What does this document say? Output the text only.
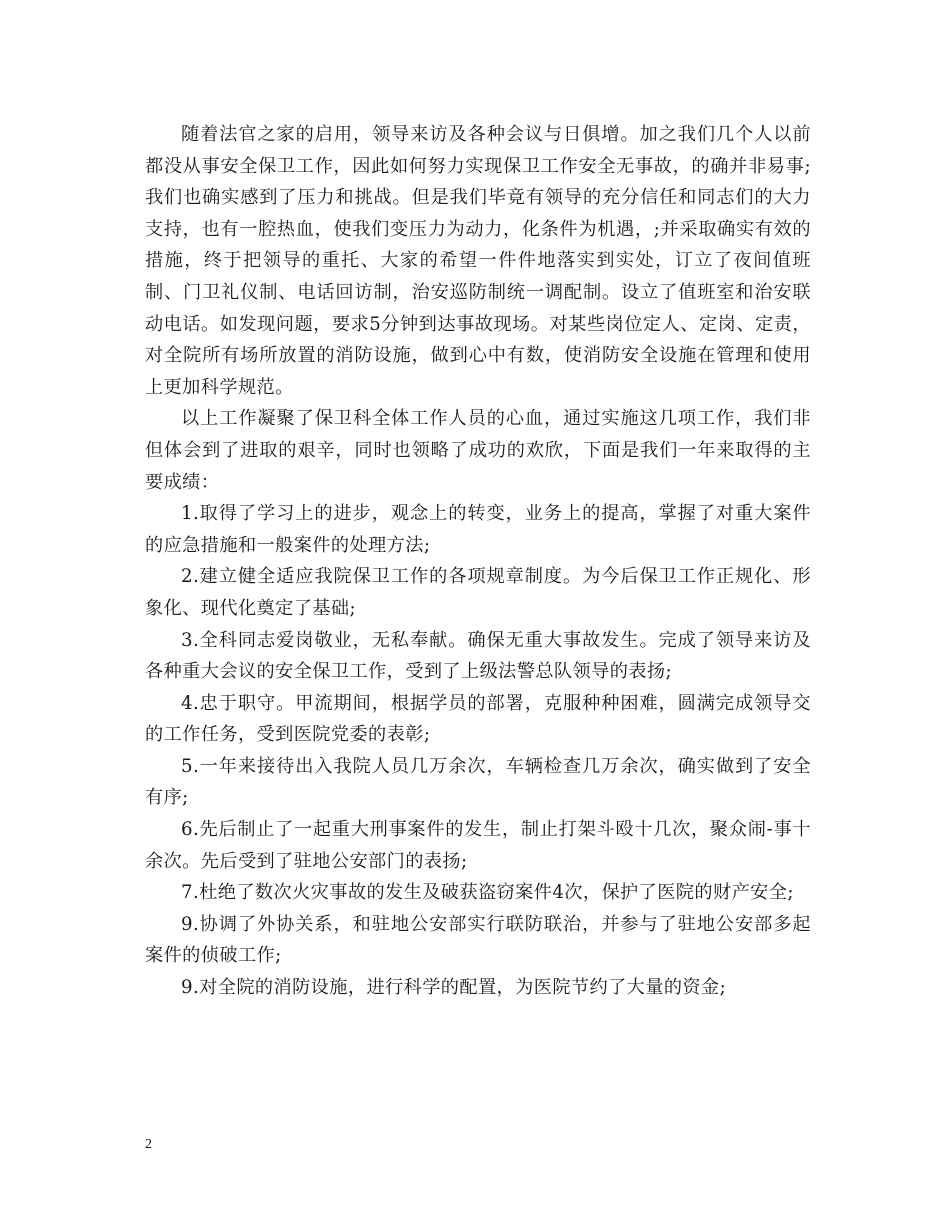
随着法官之家的启用，领导来访及各种会议与日俱增。加之我们几个人以前都没从事安全保卫工作，因此如何努力实现保卫工作安全无事故，的确并非易事;我们也确实感到了压力和挑战。但是我们毕竟有领导的充分信任和同志们的大力支持，也有一腔热血，使我们变压力为动力，化条件为机遇，;并采取确实有效的措施，终于把领导的重托、大家的希望一件件地落实到实处，订立了夜间值班制、门卫礼仪制、电话回访制，治安巡防制统一调配制。设立了值班室和治安联动电话。如发现问题，要求5分钟到达事故现场。对某些岗位定人、定岗、定责，对全院所有场所放置的消防设施，做到心中有数，使消防安全设施在管理和使用上更加科学规范。

以上工作凝聚了保卫科全体工作人员的心血，通过实施这几项工作，我们非但体会到了进取的艰辛，同时也领略了成功的欢欣，下面是我们一年来取得的主要成绩：

1.取得了学习上的进步，观念上的转变，业务上的提高，掌握了对重大案件的应急措施和一般案件的处理方法;

2.建立健全适应我院保卫工作的各项规章制度。为今后保卫工作正规化、形象化、现代化奠定了基础;

3.全科同志爱岗敬业，无私奉献。确保无重大事故发生。完成了领导来访及各种重大会议的安全保卫工作，受到了上级法警总队领导的表扬;

4.忠于职守。甲流期间，根据学员的部署，克服种种困难，圆满完成领导交的工作任务，受到医院党委的表彰;

5.一年来接待出入我院人员几万余次，车辆检查几万余次，确实做到了安全有序;

6.先后制止了一起重大刑事案件的发生，制止打架斗殴十几次，聚众闹-事十余次。先后受到了驻地公安部门的表扬;

7.杜绝了数次火灾事故的发生及破获盗窃案件4次，保护了医院的财产安全;

9.协调了外协关系，和驻地公安部实行联防联治，并参与了驻地公安部多起案件的侦破工作;

9.对全院的消防设施，进行科学的配置，为医院节约了大量的资金;

2
